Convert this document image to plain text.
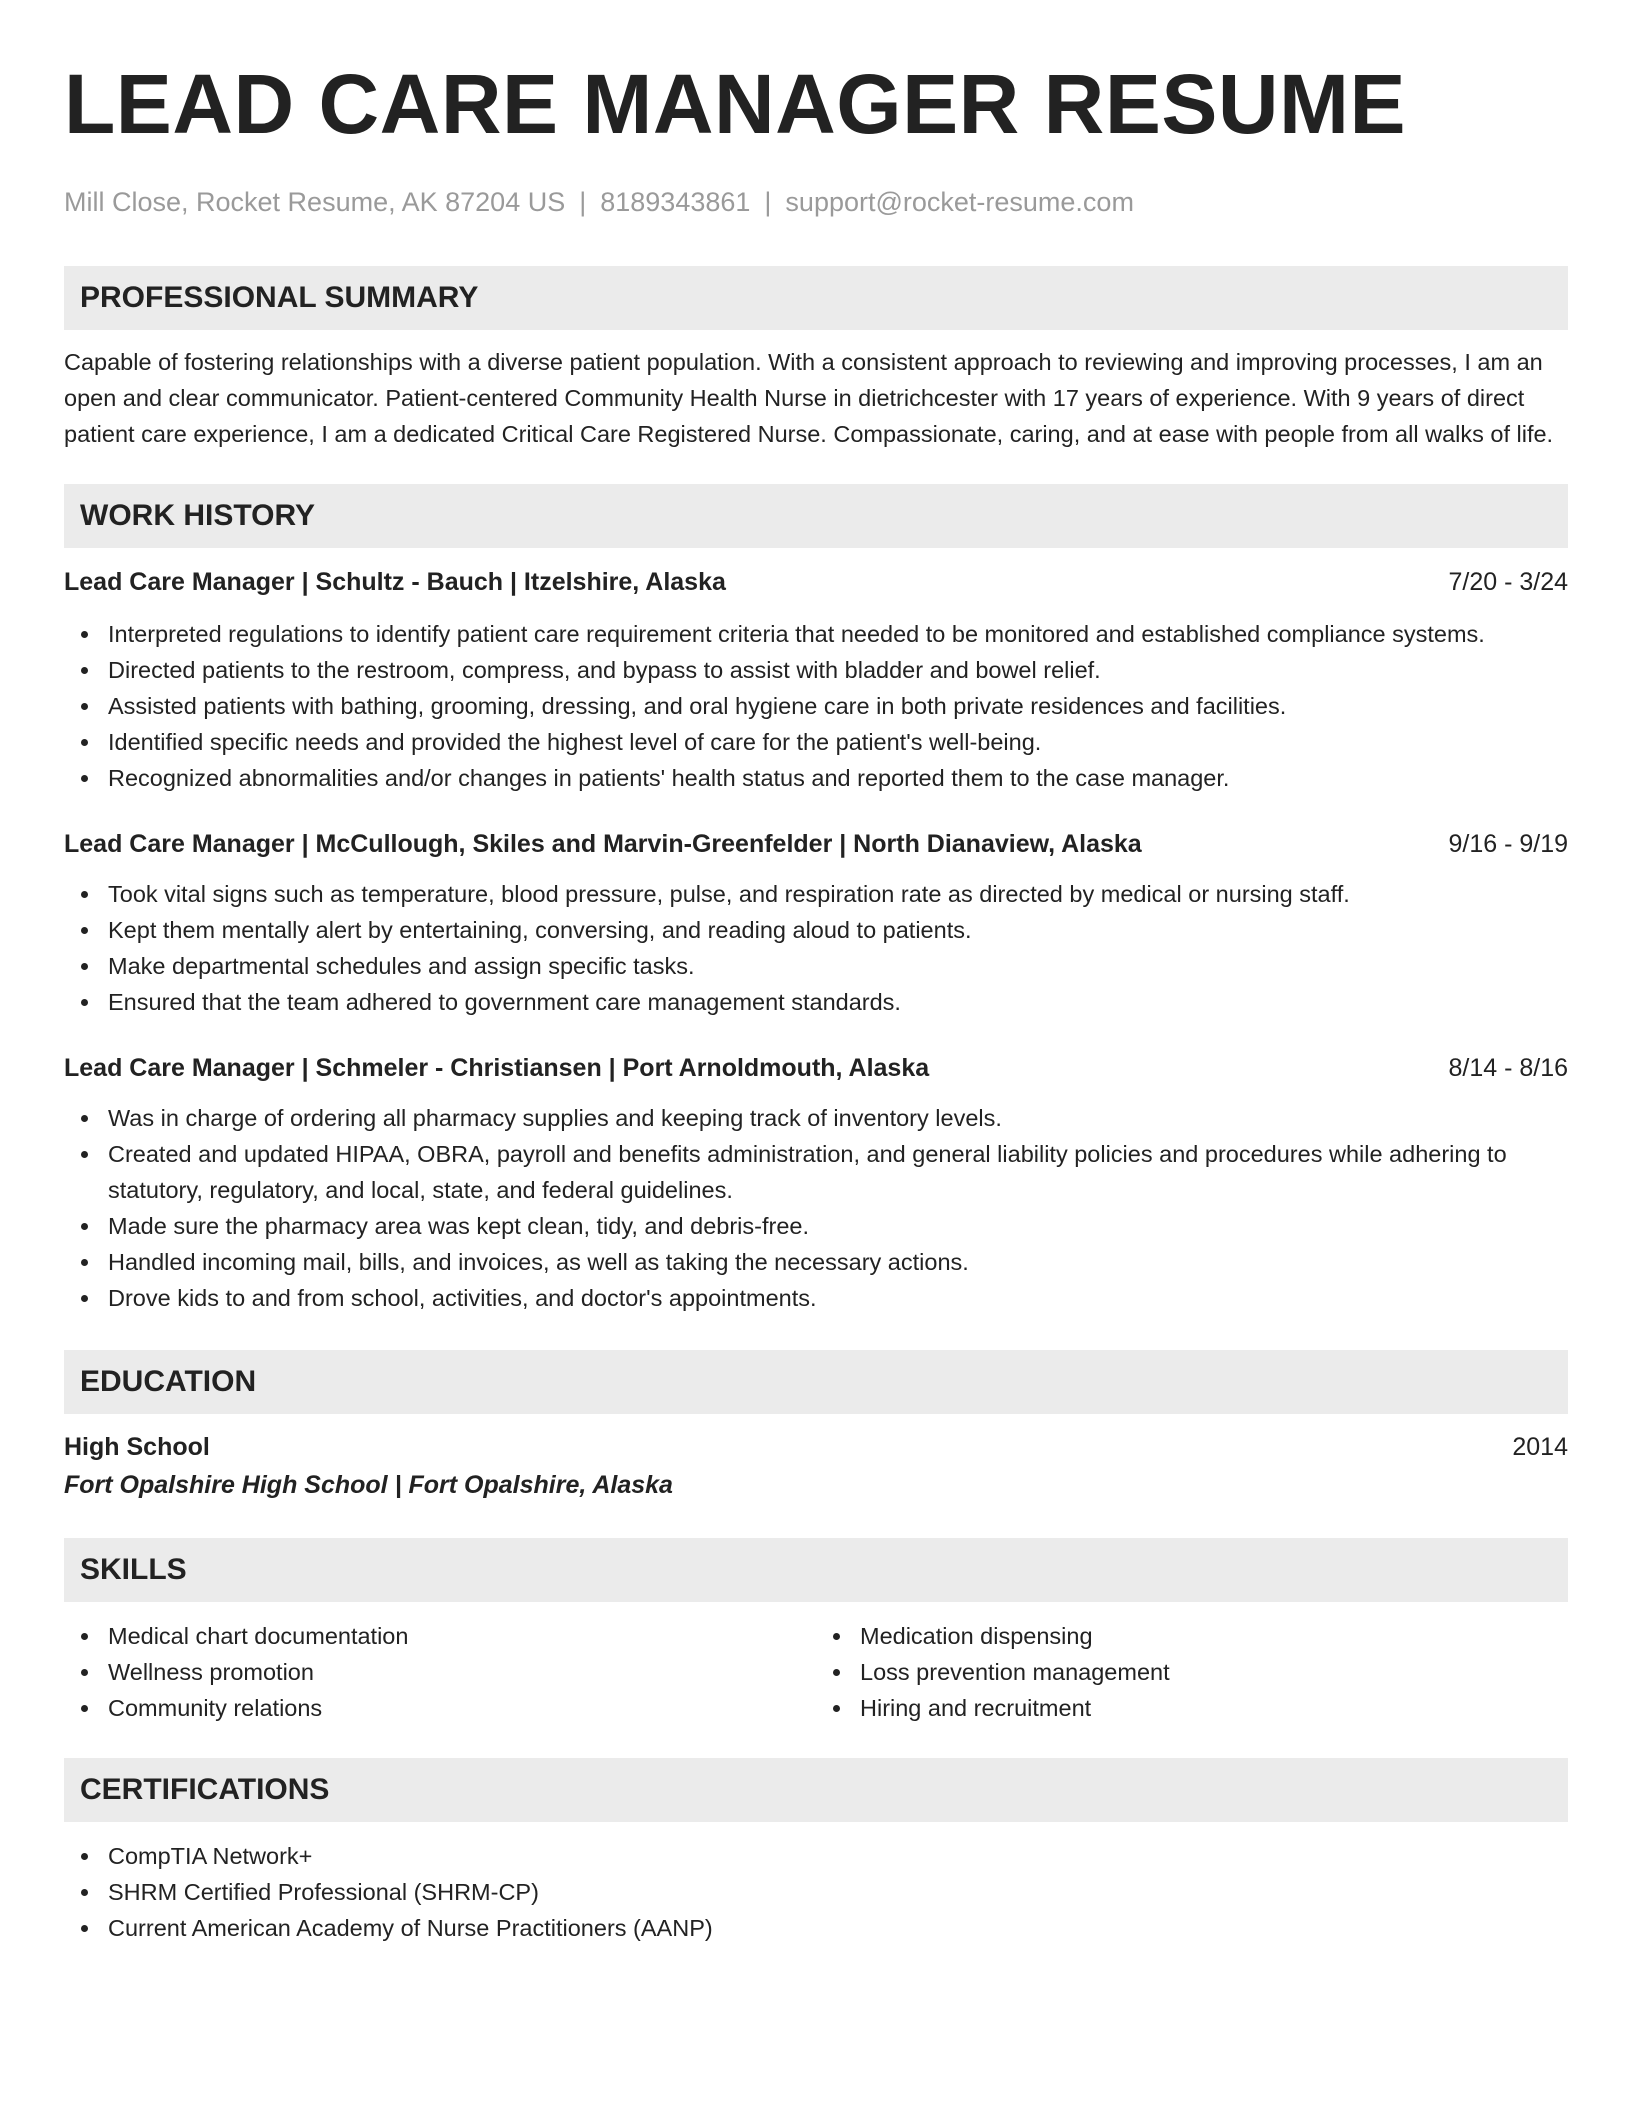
LEAD CARE MANAGER RESUME
Mill Close, Rocket Resume, AK 87204 US | 8189343861 | support@rocket-resume.com
PROFESSIONAL SUMMARY

Capable of fostering relationships with a diverse patient population. With a consistent approach to reviewing and improving processes, I am an open and clear communicator. Patient-centered Community Health Nurse in dietrichcester with 17 years of experience. With 9 years of direct patient care experience, I am a dedicated Critical Care Registered Nurse. Compassionate, caring, and at ease with people from all walks of life.

WORK HISTORY
Lead Care Manager | Schultz - Bauch | Itzelshire, Alaska	7/20 - 3/24
Interpreted regulations to identify patient care requirement criteria that needed to be monitored and established compliance systems.
Directed patients to the restroom, compress, and bypass to assist with bladder and bowel relief.
Assisted patients with bathing, grooming, dressing, and oral hygiene care in both private residences and facilities.
Identified specific needs and provided the highest level of care for the patient's well-being.
Recognized abnormalities and/or changes in patients' health status and reported them to the case manager.
Lead Care Manager | McCullough, Skiles and Marvin-Greenfelder | North Dianaview, Alaska	9/16 - 9/19
Took vital signs such as temperature, blood pressure, pulse, and respiration rate as directed by medical or nursing staff.
Kept them mentally alert by entertaining, conversing, and reading aloud to patients.
Make departmental schedules and assign specific tasks.
Ensured that the team adhered to government care management standards.
Lead Care Manager | Schmeler - Christiansen | Port Arnoldmouth, Alaska	8/14 - 8/16
Was in charge of ordering all pharmacy supplies and keeping track of inventory levels.
Created and updated HIPAA, OBRA, payroll and benefits administration, and general liability policies and procedures while adhering to statutory, regulatory, and local, state, and federal guidelines.
Made sure the pharmacy area was kept clean, tidy, and debris-free.
Handled incoming mail, bills, and invoices, as well as taking the necessary actions.
Drove kids to and from school, activities, and doctor's appointments.
EDUCATION
High School	2014
Fort Opalshire High School | Fort Opalshire, Alaska
SKILLS
Medical chart documentation
Wellness promotion
Community relations
Medication dispensing
Loss prevention management
Hiring and recruitment
CERTIFICATIONS
CompTIA Network+
SHRM Certified Professional (SHRM-CP)
Current American Academy of Nurse Practitioners (AANP)
